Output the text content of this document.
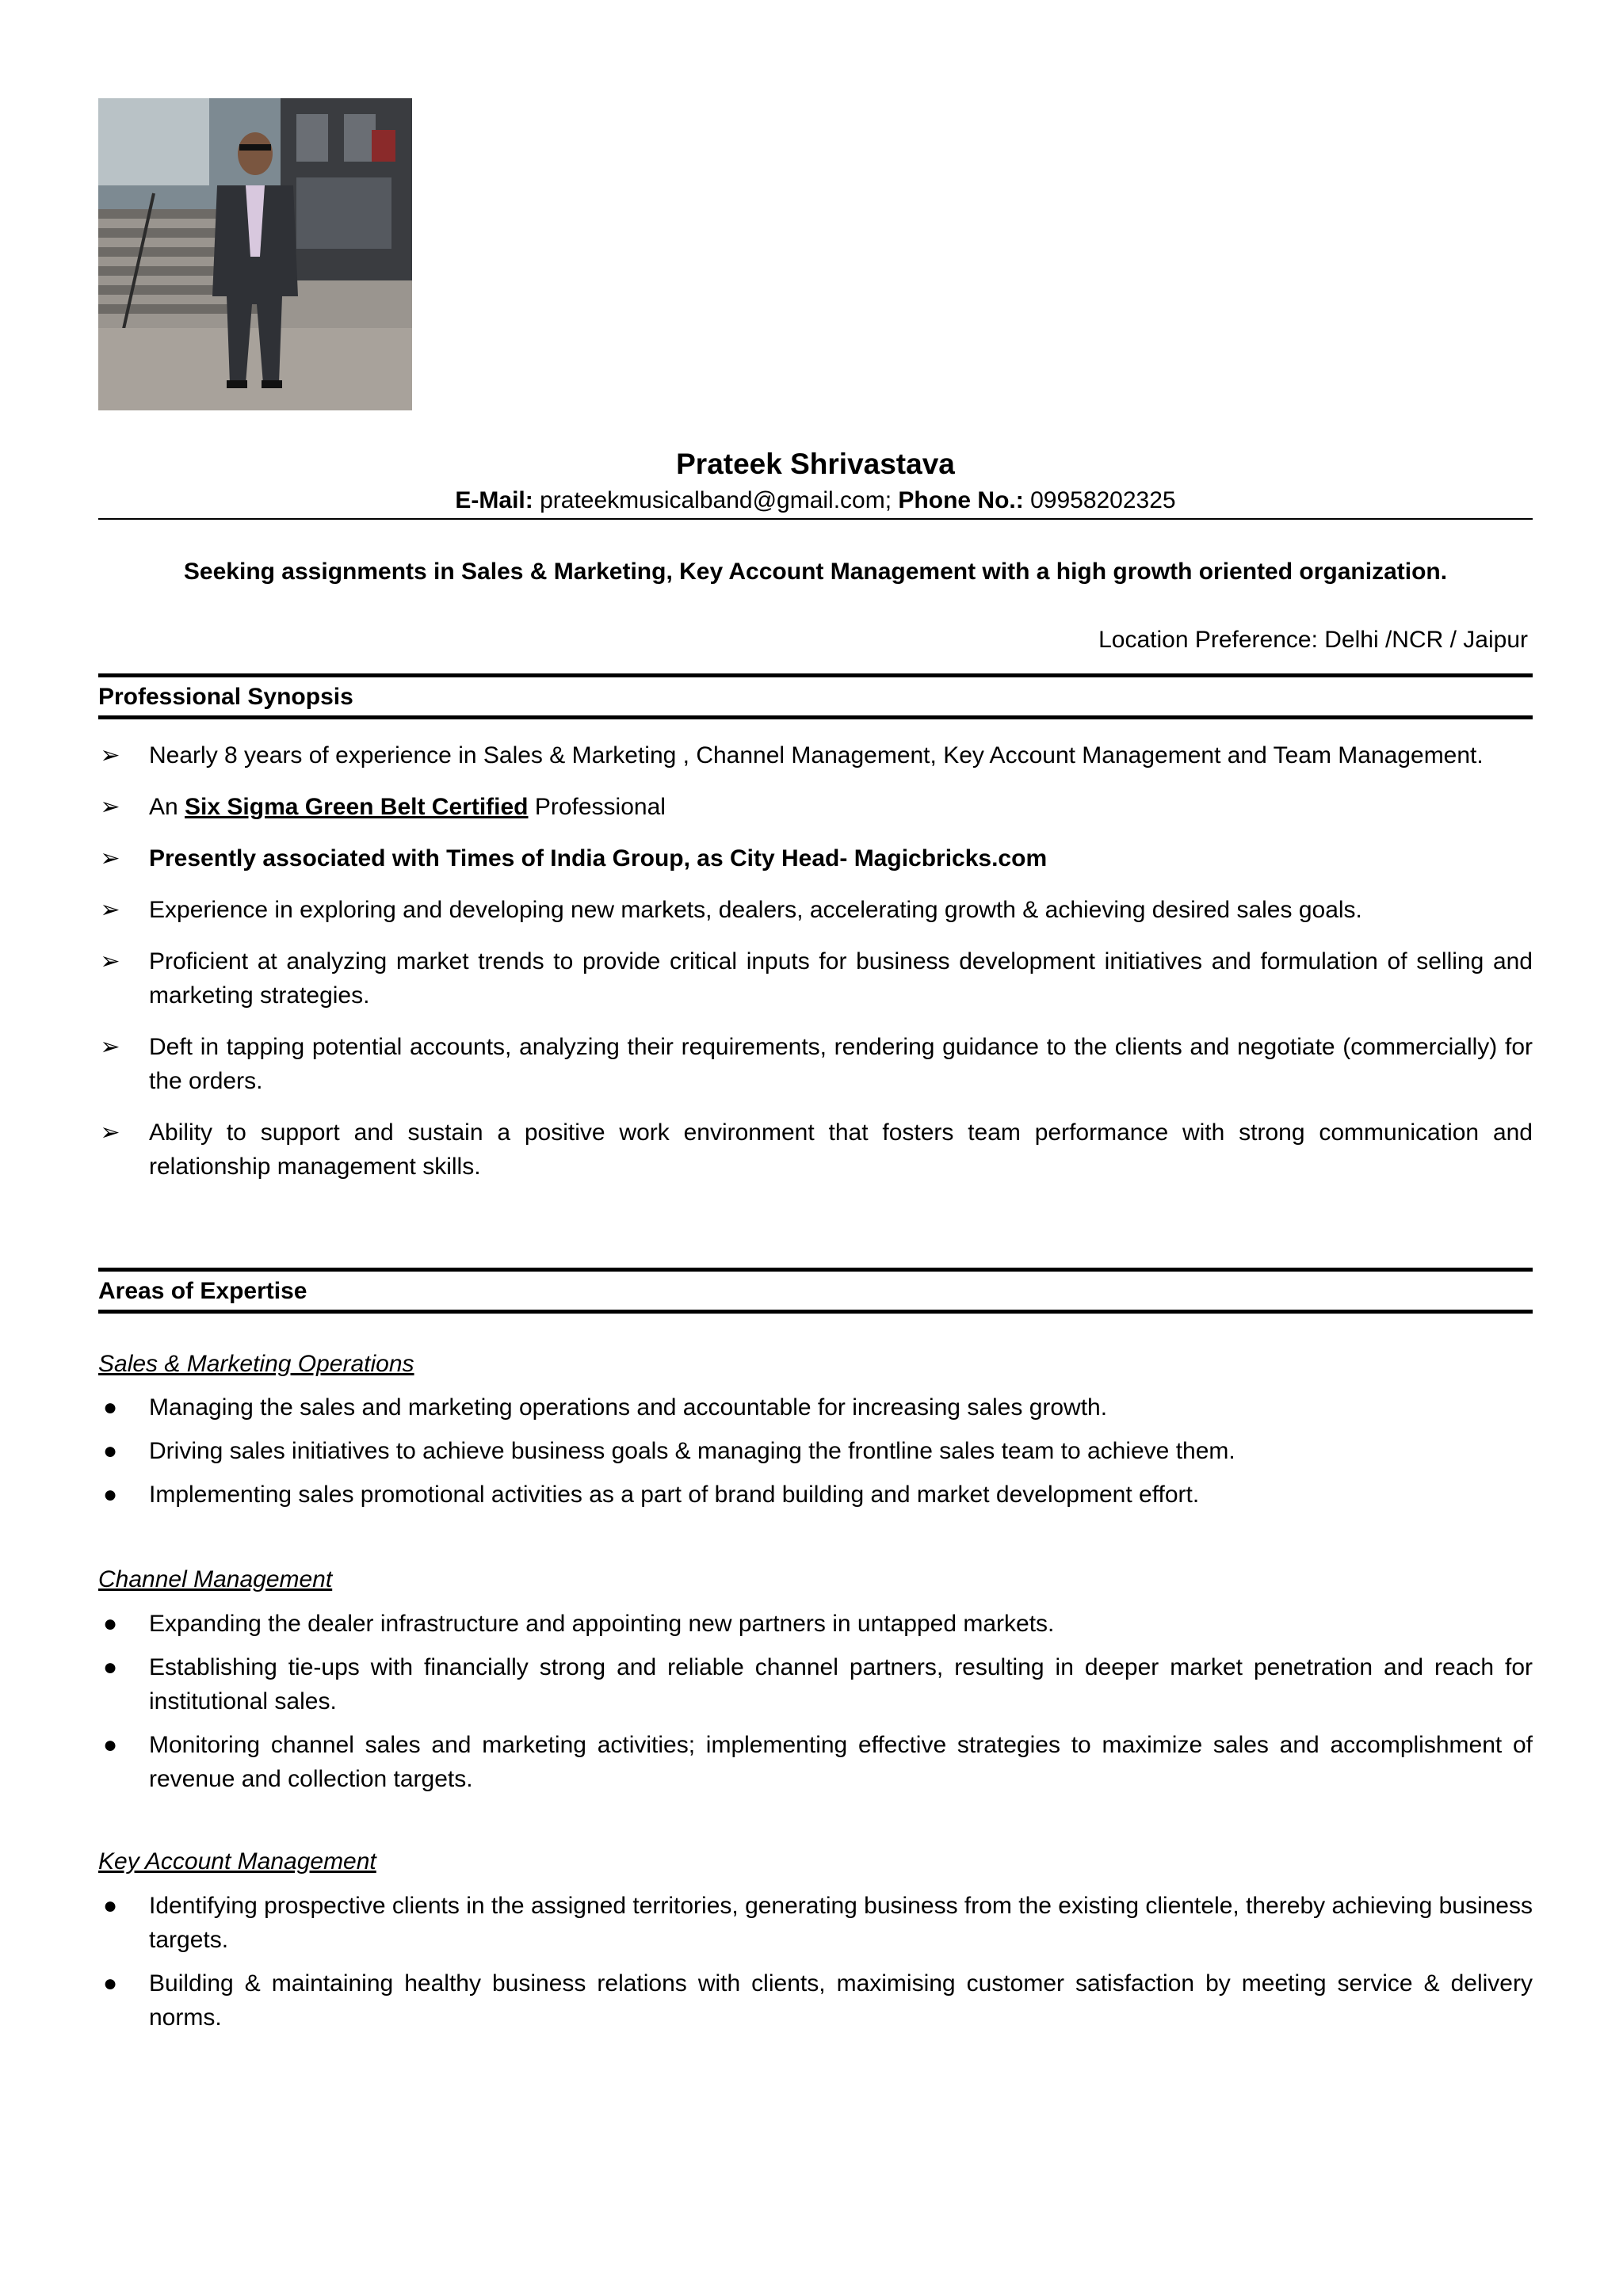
Prateek Shrivastava
E-Mail: prateekmusicalband@gmail.com; Phone No.: 09958202325
Seeking assignments in Sales & Marketing, Key Account Management with a high growth oriented organization.
Location Preference: Delhi /NCR / Jaipur
Professional Synopsis
➢ Nearly 8 years of experience in Sales & Marketing , Channel Management, Key Account Management and Team Management.
➢ An Six Sigma Green Belt Certified Professional
➢ Presently associated with Times of India Group, as City Head- Magicbricks.com
➢ Experience in exploring and developing new markets, dealers, accelerating growth & achieving desired sales goals.
➢ Proficient at analyzing market trends to provide critical inputs for business development initiatives and formulation of selling and marketing strategies.
➢ Deft in tapping potential accounts, analyzing their requirements, rendering guidance to the clients and negotiate (commercially) for the orders.
➢ Ability to support and sustain a positive work environment that fosters team performance with strong communication and relationship management skills.
Areas of Expertise
Sales & Marketing Operations
● Managing the sales and marketing operations and accountable for increasing sales growth.
● Driving sales initiatives to achieve business goals & managing the frontline sales team to achieve them.
● Implementing sales promotional activities as a part of brand building and market development effort.
Channel Management
● Expanding the dealer infrastructure and appointing new partners in untapped markets.
● Establishing tie-ups with financially strong and reliable channel partners, resulting in deeper market penetration and reach for institutional sales.
● Monitoring channel sales and marketing activities; implementing effective strategies to maximize sales and accomplishment of revenue and collection targets.
Key Account Management
● Identifying prospective clients in the assigned territories, generating business from the existing clientele, thereby achieving business targets.
● Building & maintaining healthy business relations with clients, maximising customer satisfaction by meeting service & delivery norms.
